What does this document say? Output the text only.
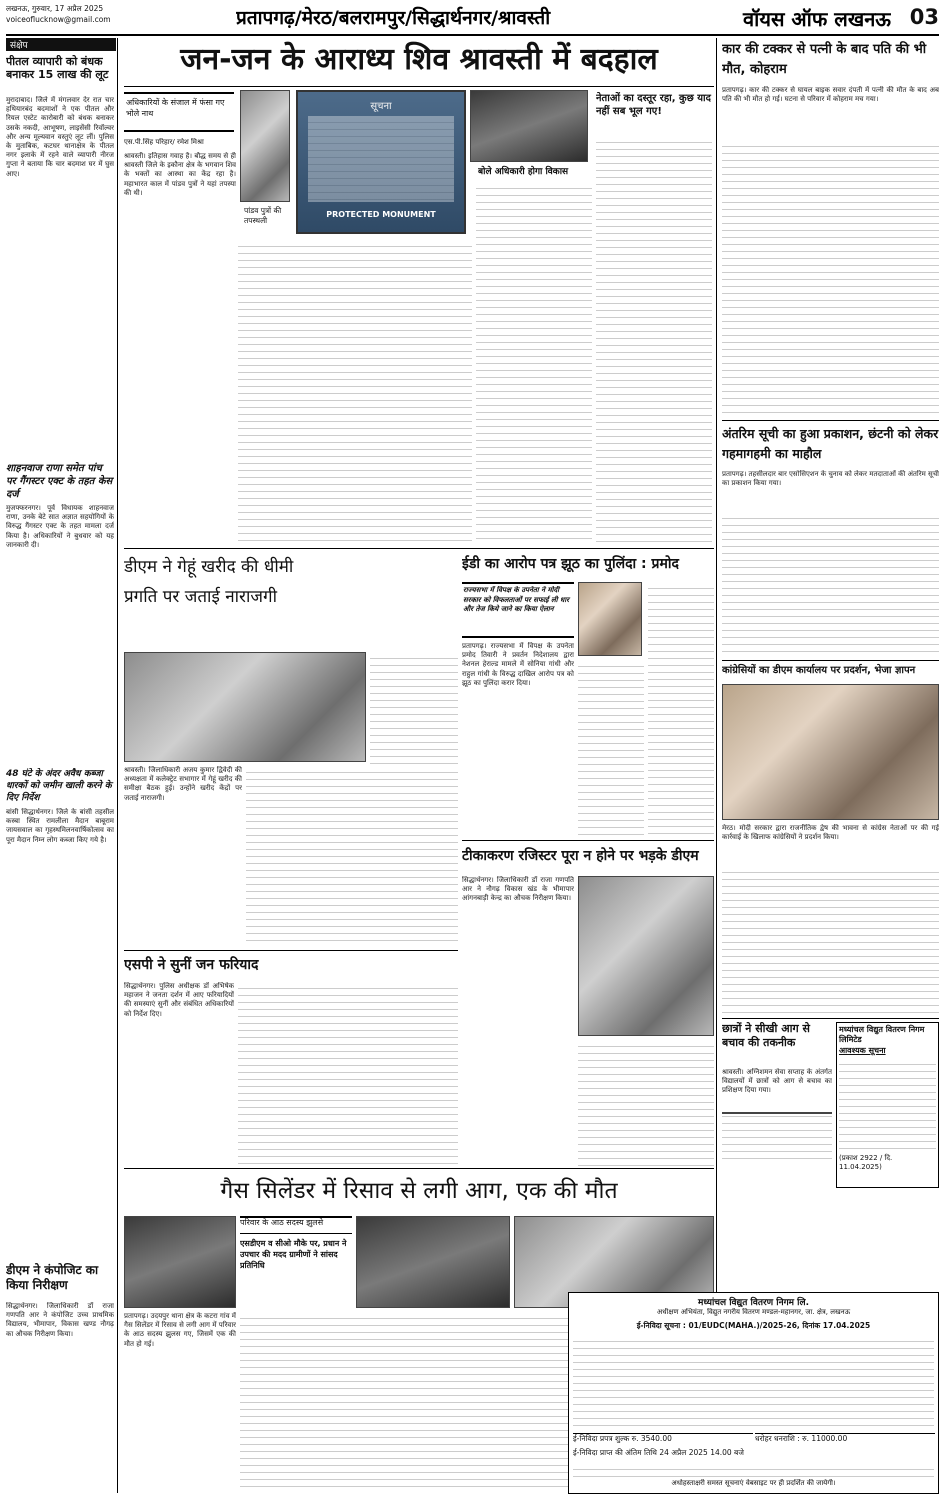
लखनऊ, गुरुवार, 17 अप्रैल 2025
voiceoflucknow@gmail.com	प्रतापगढ़/मेरठ/बलरामपुर/सिद्धार्थनगर/श्रावस्ती	वॉयस ऑफ लखनऊ 03
संक्षेप
पीतल व्यापारी को बंधक बनाकर 15 लाख की लूट
मुरादाबाद। जिले में मंगलवार देर रात चार हथियारबंद बदमाशों ने एक पीतल और रियल एस्टेट कारोबारी को बंधक बनाकर उसके नकदी, आभूषण, लाइसेंसी रिवॉल्वर और अन्य मूल्यवान वस्तुएं लूट लीं। पुलिस के मुताबिक, कटघर थानाक्षेत्र के पीतल नगर इलाके में रहने वाले व्यापारी नीरज गुप्ता ने बताया कि चार बदमाश घर में घुस आए।
शाहनवाज राणा समेत पांच पर गैंगस्टर एक्ट के तहत केस दर्ज
मुजफ्फरनगर। पूर्व विधायक शाहनवाज राणा, उनके बेटे सात अज्ञात सहयोगियों के विरुद्ध गैंगस्टर एक्ट के तहत मामला दर्ज किया है। अधिकारियों ने बुधवार को यह जानकारी दी।
48 घंटे के अंदर अवैध कब्जा धारकों को जमीन खाली करने के दिए निर्देश
बांसी सिद्धार्थनगर। जिले के बांसी तहसील कस्बा स्थित रामलीला मैदान बाबूराम जायसवाल का गृहस्थमिलनवार्षिकोत्सव का पूरा मैदान निम्न लोग कब्जा किए गये है।
डीएम ने कंपोजिट का किया निरीक्षण
सिद्धार्थनगर। जिलाधिकारी डॉ राजा गणपति आर ने कंपोजिट उच्च प्राथमिक विद्यालय, भीमापार, विकास खण्ड नौगढ़ का औचक निरीक्षण किया।
जन-जन के आराध्य शिव श्रावस्ती में बदहाल
अधिकारियों के संजाल में फंसा गए भोले नाथ
पांडव पुत्रों की तपस्थली
एस.पी.सिंह परिहार/ रमेश मिश्रा
सूचना
PROTECTED MONUMENT
बोले अधिकारी होगा विकास
नेताओं का दस्तूर रहा, कुछ याद नहीं सब भूल गए!
श्रावस्ती। इतिहास गवाह है। बौद्ध समय से ही श्रावस्ती जिले के इकौना क्षेत्र के भगवान शिव के भक्तों का आस्था का केंद्र रहा है। महाभारत काल में पांडव पुत्रों ने यहां तपस्या की थी।
डीएम ने गेहूं खरीद की धीमी प्रगति पर जताई नाराजगी
श्रावस्ती। जिलाधिकारी अजय कुमार द्विवेदी की अध्यक्षता में कलेक्ट्रेट सभागार में गेहूं खरीद की समीक्षा बैठक हुई। उन्होंने खरीद केंद्रों पर जताई नाराजगी।
ईडी का आरोप पत्र झूठ का पुलिंदा : प्रमोद
राज्यसभा में विपक्ष के उपनेता ने मोदी सरकार को विफलताओं पर सफाई ली धार और तेज किये जाने का किया ऐलान
प्रतापगढ़। राज्यसभा में विपक्ष के उपनेता प्रमोद तिवारी ने प्रवर्तन निदेशालय द्वारा नेशनल हेराल्ड मामले में सोनिया गांधी और राहुल गांधी के विरुद्ध दाखिल आरोप पत्र को झूठ का पुलिंदा करार दिया।
टीकाकरण रजिस्टर पूरा न होने पर भड़के डीएम
सिद्धार्थनगर। जिलाधिकारी डॉ राजा गणपति आर ने नौगढ़ विकास खंड के भीमापार आंगनबाड़ी केन्द्र का औचक निरीक्षण किया।
एसपी ने सुनीं जन फरियाद
सिद्धार्थनगर। पुलिस अधीक्षक डॉ अभिषेक महाजन ने जनता दर्शन में आए फरियादियों की समस्याएं सुनीं और संबंधित अधिकारियों को निर्देश दिए।
गैस सिलेंडर में रिसाव से लगी आग, एक की मौत
परिवार के आठ सदस्य झुलसे
एसडीएम व सीओ मौके पर, प्रधान ने उपचार की मदद ग्रामीणों ने सांसद प्रतिनिधि
प्रतापगढ़। उदयपुर थाना क्षेत्र के कटरा गांव में गैस सिलेंडर में रिसाव से लगी आग में परिवार के आठ सदस्य झुलस गए, जिसमें एक की मौत हो गई।
कार की टक्कर से पत्नी के बाद पति की भी मौत, कोहराम
प्रतापगढ़। कार की टक्कर से घायल बाइक सवार दंपती में पत्नी की मौत के बाद अब पति की भी मौत हो गई। घटना से परिवार में कोहराम मच गया।
अंतरिम सूची का हुआ प्रकाशन, छंटनी को लेकर गहमागहमी का माहौल
प्रतापगढ़। तहसीलदार बार एसोसिएशन के चुनाव को लेकर मतदाताओं की अंतरिम सूची का प्रकाशन किया गया।
कांग्रेसियों का डीएम कार्यालय पर प्रदर्शन, भेजा ज्ञापन
मेरठ। मोदी सरकार द्वारा राजनीतिक द्वेष की भावना से कांग्रेस नेताओं पर की गई कार्रवाई के खिलाफ कांग्रेसियों ने प्रदर्शन किया।
छात्रों ने सीखी आग से बचाव की तकनीक
श्रावस्ती। अग्निशमन सेवा सप्ताह के अंतर्गत विद्यालयों में छात्रों को आग से बचाव का प्रशिक्षण दिया गया।
मध्यांचल विद्युत वितरण निगम लिमिटेड
आवश्यक सूचना
(प्रकाश 2922 / दि. 11.04.2025)
मध्यांचल विद्युत वितरण निगम लि.
अधीक्षण अभियंता, विद्युत नगरीय वितरण मण्डल-महानगर, जा. क्षेत्र, लखनऊ
ई-निविदा सूचना : 01/EUDC(MAHA.)/2025-26, दिनांक 17.04.2025
ई-निविदा प्रपत्र शुल्क रु. 3540.00	धरोहर धनराशि : रु. 11000.00
ई-निविदा प्राप्त की अंतिम तिथि 24 अप्रैल 2025 14.00 बजे
अधोहस्ताक्षरी समस्त सूचनाएं वेबसाइट पर ही प्रदर्शित की जायेगी।
